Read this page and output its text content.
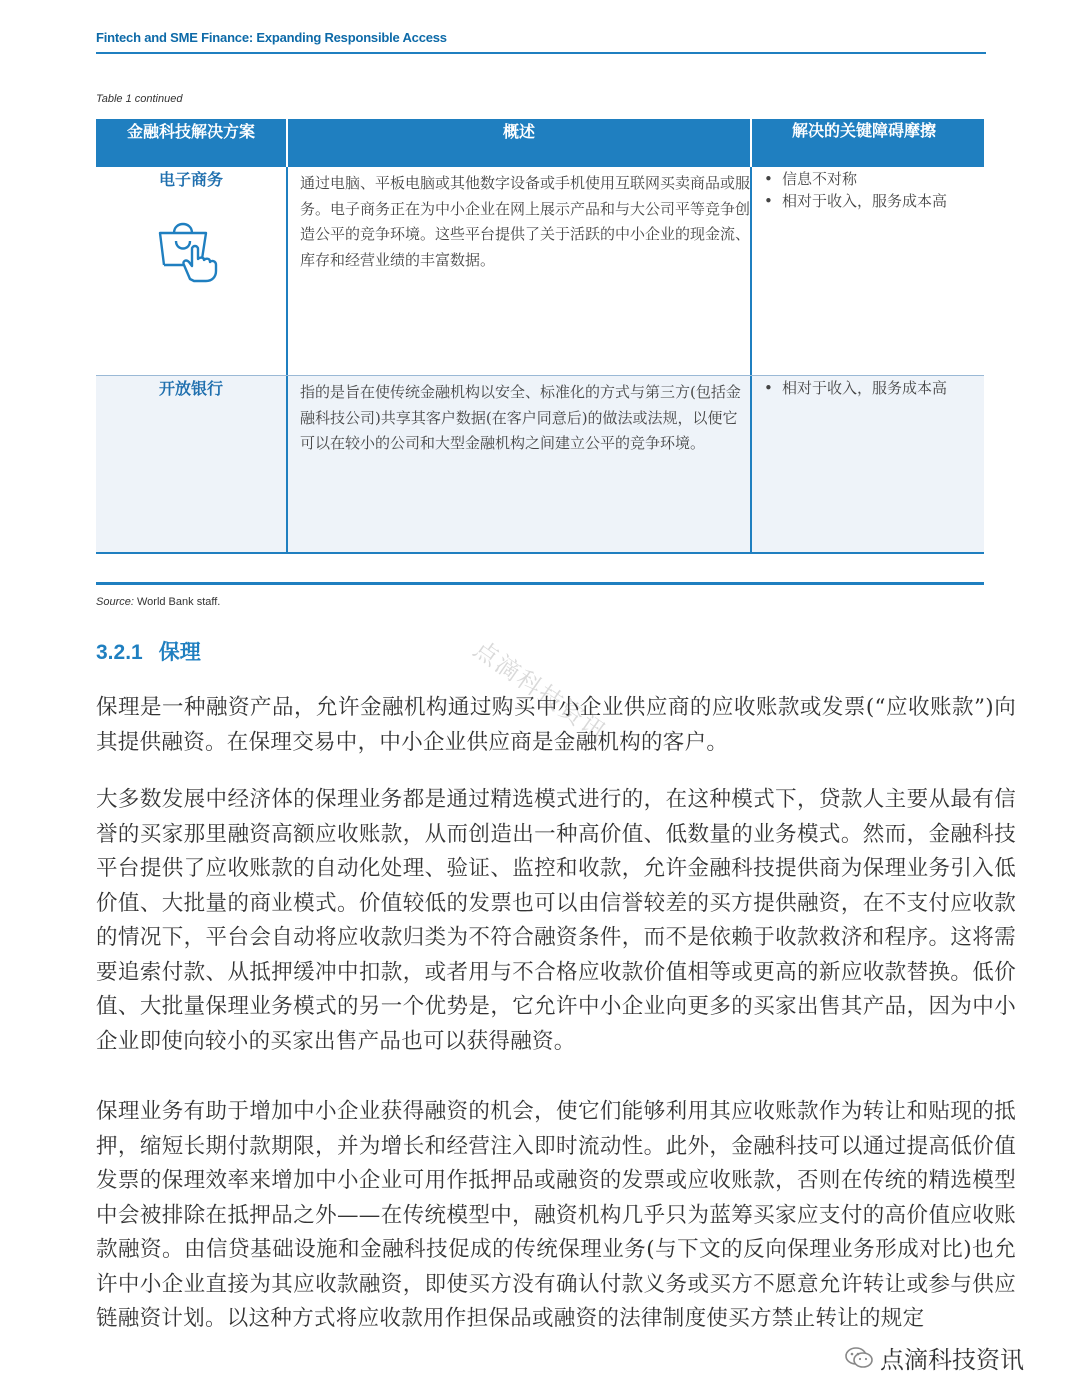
Fintech and SME Finance: Expanding Responsible Access
Table 1 continued
金融科技解决方案	概述	解决的关键障碍摩擦
电子商务	通过电脑、平板电脑或其他数字设备或手机使用互联网买卖商品或服务。电子商务正在为中小企业在网上展示产品和与大公司平等竞争创造公平的竞争环境。这些平台提供了关于活跃的中小企业的现金流、库存和经营业绩的丰富数据。
• 信息不对称
• 相对于收入，服务成本高
开放银行	指的是旨在使传统金融机构以安全、标准化的方式与第三方(包括金融科技公司)共享其客户数据(在客户同意后)的做法或法规，以便它可以在较小的公司和大型金融机构之间建立公平的竞争环境。
• 相对于收入，服务成本高
Source: World Bank staff.
点滴科技资讯
3.2.1 保理
保理是一种融资产品，允许金融机构通过购买中小企业供应商的应收账款或发票(“应收账款”)向其提供融资。在保理交易中，中小企业供应商是金融机构的客户。
大多数发展中经济体的保理业务都是通过精选模式进行的，在这种模式下，贷款人主要从最有信誉的买家那里融资高额应收账款，从而创造出一种高价值、低数量的业务模式。然而，金融科技平台提供了应收账款的自动化处理、验证、监控和收款，允许金融科技提供商为保理业务引入低价值、大批量的商业模式。价值较低的发票也可以由信誉较差的买方提供融资，在不支付应收款的情况下，平台会自动将应收款归类为不符合融资条件，而不是依赖于收款救济和程序。这将需要追索付款、从抵押缓冲中扣款，或者用与不合格应收款价值相等或更高的新应收款替换。低价值、大批量保理业务模式的另一个优势是，它允许中小企业向更多的买家出售其产品，因为中小企业即使向较小的买家出售产品也可以获得融资。
保理业务有助于增加中小企业获得融资的机会，使它们能够利用其应收账款作为转让和贴现的抵押，缩短长期付款期限，并为增长和经营注入即时流动性。此外，金融科技可以通过提高低价值发票的保理效率来增加中小企业可用作抵押品或融资的发票或应收账款，否则在传统的精选模型中会被排除在抵押品之外——在传统模型中，融资机构几乎只为蓝筹买家应支付的高价值应收账款融资。由信贷基础设施和金融科技促成的传统保理业务(与下文的反向保理业务形成对比)也允许中小企业直接为其应收款融资，即使买方没有确认付款义务或买方不愿意允许转让或参与供应链融资计划。以这种方式将应收款用作担保品或融资的法律制度使买方禁止转让的规定
点滴科技资讯
